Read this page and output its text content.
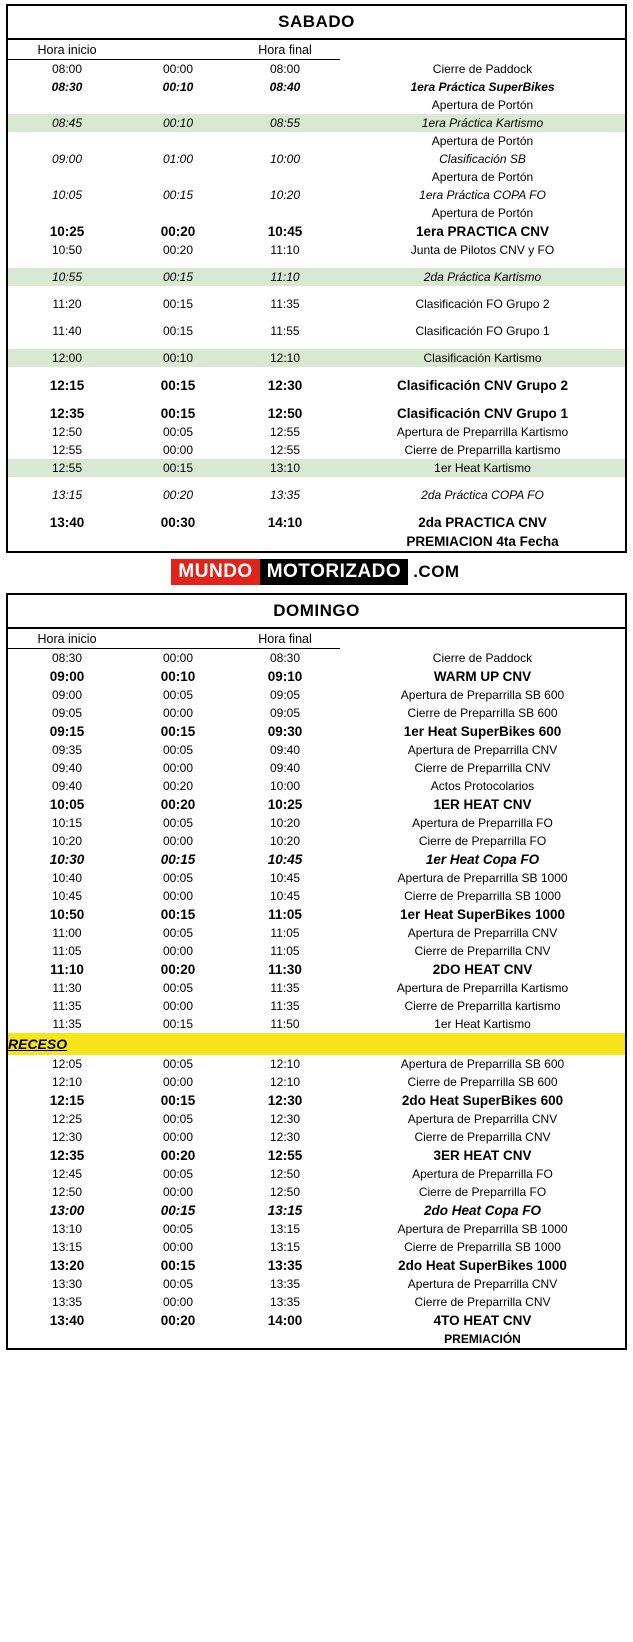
SABADO
Hora inicio		Hora final	
08:00	00:00	08:00	Cierre de Paddock
08:30	00:10	08:40	1era Práctica SuperBikes
			Apertura de Portón
08:45	00:10	08:55	1era Práctica Kartismo
			Apertura de Portón
09:00	01:00	10:00	Clasificación SB
			Apertura de Portón
10:05	00:15	10:20	1era Práctica COPA FO
			Apertura de Portón
10:25	00:20	10:45	1era PRACTICA CNV
10:50	00:20	11:10	Junta de Pilotos CNV y FO

10:55	00:15	11:10	2da Práctica Kartismo

11:20	00:15	11:35	Clasificación FO Grupo 2

11:40	00:15	11:55	Clasificación FO Grupo 1

12:00	00:10	12:10	Clasificación Kartismo

12:15	00:15	12:30	Clasificación CNV Grupo 2

12:35	00:15	12:50	Clasificación CNV Grupo 1
12:50	00:05	12:55	Apertura de Preparrilla Kartismo
12:55	00:00	12:55	Cierre de Preparrilla kartismo
12:55	00:15	13:10	1er Heat Kartismo

13:15	00:20	13:35	2da Práctica COPA FO

13:40	00:30	14:10	2da PRACTICA CNV
			PREMIACION 4ta Fecha
MUNDO MOTORIZADO .COM
DOMINGO
Hora inicio		Hora final	
08:30	00:00	08:30	Cierre de Paddock
09:00	00:10	09:10	WARM UP CNV
09:00	00:05	09:05	Apertura de Preparrilla SB 600
09:05	00:00	09:05	Cierre de Preparrilla SB 600
09:15	00:15	09:30	1er Heat SuperBikes 600
09:35	00:05	09:40	Apertura de Preparrilla CNV
09:40	00:00	09:40	Cierre de Preparrilla CNV
09:40	00:20	10:00	Actos Protocolarios
10:05	00:20	10:25	1ER HEAT CNV
10:15	00:05	10:20	Apertura de Preparrilla FO
10:20	00:00	10:20	Cierre de Preparrilla FO
10:30	00:15	10:45	1er Heat Copa FO
10:40	00:05	10:45	Apertura de Preparrilla SB 1000
10:45	00:00	10:45	Cierre de Preparrilla SB 1000
10:50	00:15	11:05	1er Heat SuperBikes 1000
11:00	00:05	11:05	Apertura de Preparrilla CNV
11:05	00:00	11:05	Cierre de Preparrilla CNV
11:10	00:20	11:30	2DO HEAT CNV
11:30	00:05	11:35	Apertura de Preparrilla Kartismo
11:35	00:00	11:35	Cierre de Preparrilla kartismo
11:35	00:15	11:50	1er Heat Kartismo
RECESO			
12:05	00:05	12:10	Apertura de Preparrilla SB 600
12:10	00:00	12:10	Cierre de Preparrilla SB 600
12:15	00:15	12:30	2do Heat SuperBikes 600
12:25	00:05	12:30	Apertura de Preparrilla CNV
12:30	00:00	12:30	Cierre de Preparrilla CNV
12:35	00:20	12:55	3ER HEAT CNV
12:45	00:05	12:50	Apertura de Preparrilla FO
12:50	00:00	12:50	Cierre de Preparrilla FO
13:00	00:15	13:15	2do Heat Copa FO
13:10	00:05	13:15	Apertura de Preparrilla SB 1000
13:15	00:00	13:15	Cierre de Preparrilla SB 1000
13:20	00:15	13:35	2do Heat SuperBikes 1000
13:30	00:05	13:35	Apertura de Preparrilla CNV
13:35	00:00	13:35	Cierre de Preparrilla CNV
13:40	00:20	14:00	4TO HEAT CNV
			PREMIACIÓN
